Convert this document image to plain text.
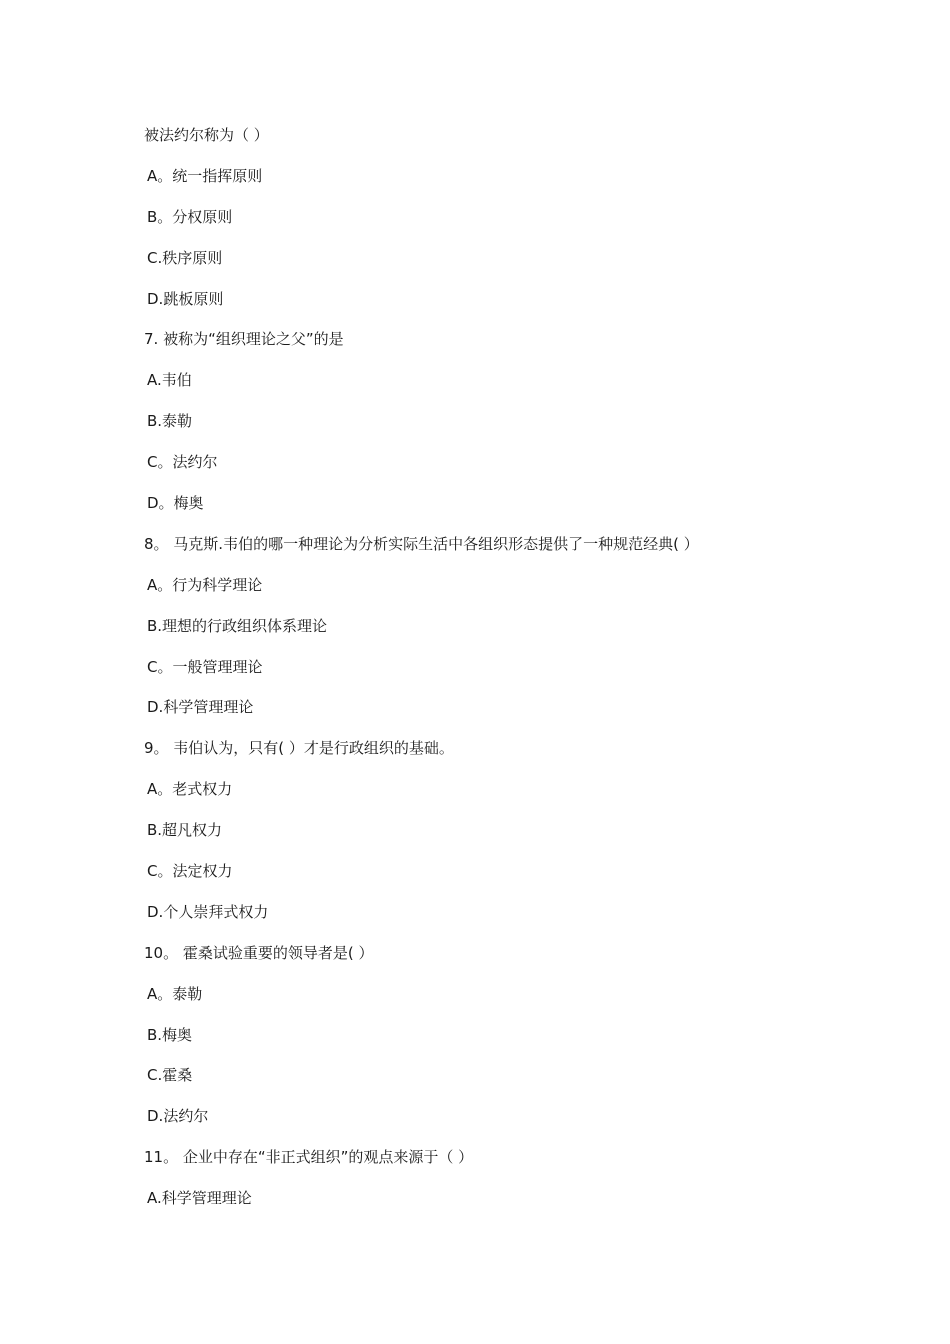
被法约尔称为（ ）
A。统一指挥原则
B。分权原则
C.秩序原则
D.跳板原则
7. 被称为“组织理论之父”的是
A.韦伯
B.泰勒
C。法约尔
D。梅奥
8。 马克斯.韦伯的哪一种理论为分析实际生活中各组织形态提供了一种规范经典( ）
A。行为科学理论
B.理想的行政组织体系理论
C。一般管理理论
D.科学管理理论
9。 韦伯认为，只有( ）才是行政组织的基础。
A。老式权力
B.超凡权力
C。法定权力
D.个人崇拜式权力
10。 霍桑试验重要的领导者是( ）
A。泰勒
B.梅奥
C.霍桑
D.法约尔
11。 企业中存在“非正式组织”的观点来源于（ ）
A.科学管理理论
